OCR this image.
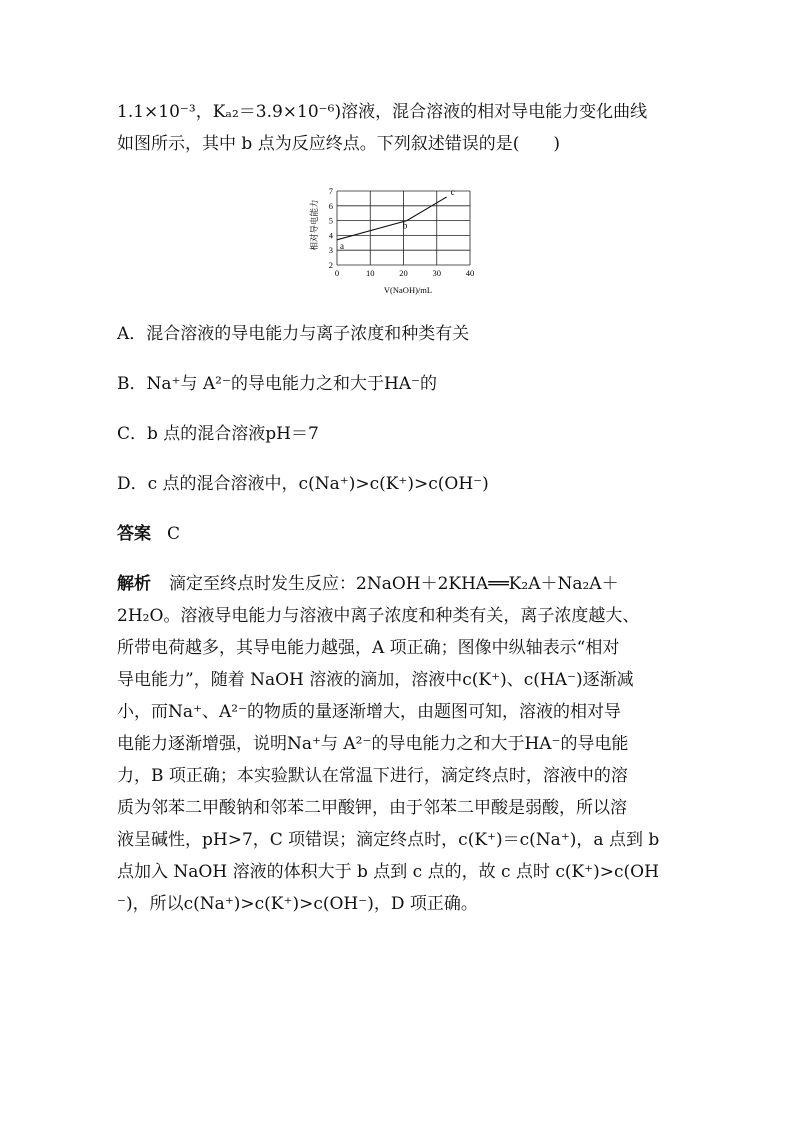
1.1×10⁻³，Kₐ₂＝3.9×10⁻⁶)溶液，混合溶液的相对导电能力变化曲线
如图所示，其中 b 点为反应终点。下列叙述错误的是(　　)
0	10	20	30	40
2
3
4
5
6
7
a
b
c
相对导电能力
V(NaOH)/mL
A．混合溶液的导电能力与离子浓度和种类有关
B．Na⁺与 A²⁻的导电能力之和大于HA⁻的
C．b 点的混合溶液pH＝7
D．c 点的混合溶液中，c(Na⁺)>c(K⁺)>c(OH⁻)
答案 C
解析 滴定至终点时发生反应：2NaOH＋2KHA══K₂A＋Na₂A＋
2H₂O。溶液导电能力与溶液中离子浓度和种类有关，离子浓度越大、
所带电荷越多，其导电能力越强，A 项正确；图像中纵轴表示“相对
导电能力”，随着 NaOH 溶液的滴加，溶液中c(K⁺)、c(HA⁻)逐渐减
小，而Na⁺、A²⁻的物质的量逐渐增大，由题图可知，溶液的相对导
电能力逐渐增强，说明Na⁺与 A²⁻的导电能力之和大于HA⁻的导电能
力，B 项正确；本实验默认在常温下进行，滴定终点时，溶液中的溶
质为邻苯二甲酸钠和邻苯二甲酸钾，由于邻苯二甲酸是弱酸，所以溶
液呈碱性，pH>7，C 项错误；滴定终点时，c(K⁺)＝c(Na⁺)，a 点到 b
点加入 NaOH 溶液的体积大于 b 点到 c 点的，故 c 点时 c(K⁺)>c(OH
⁻)，所以c(Na⁺)>c(K⁺)>c(OH⁻)，D 项正确。
